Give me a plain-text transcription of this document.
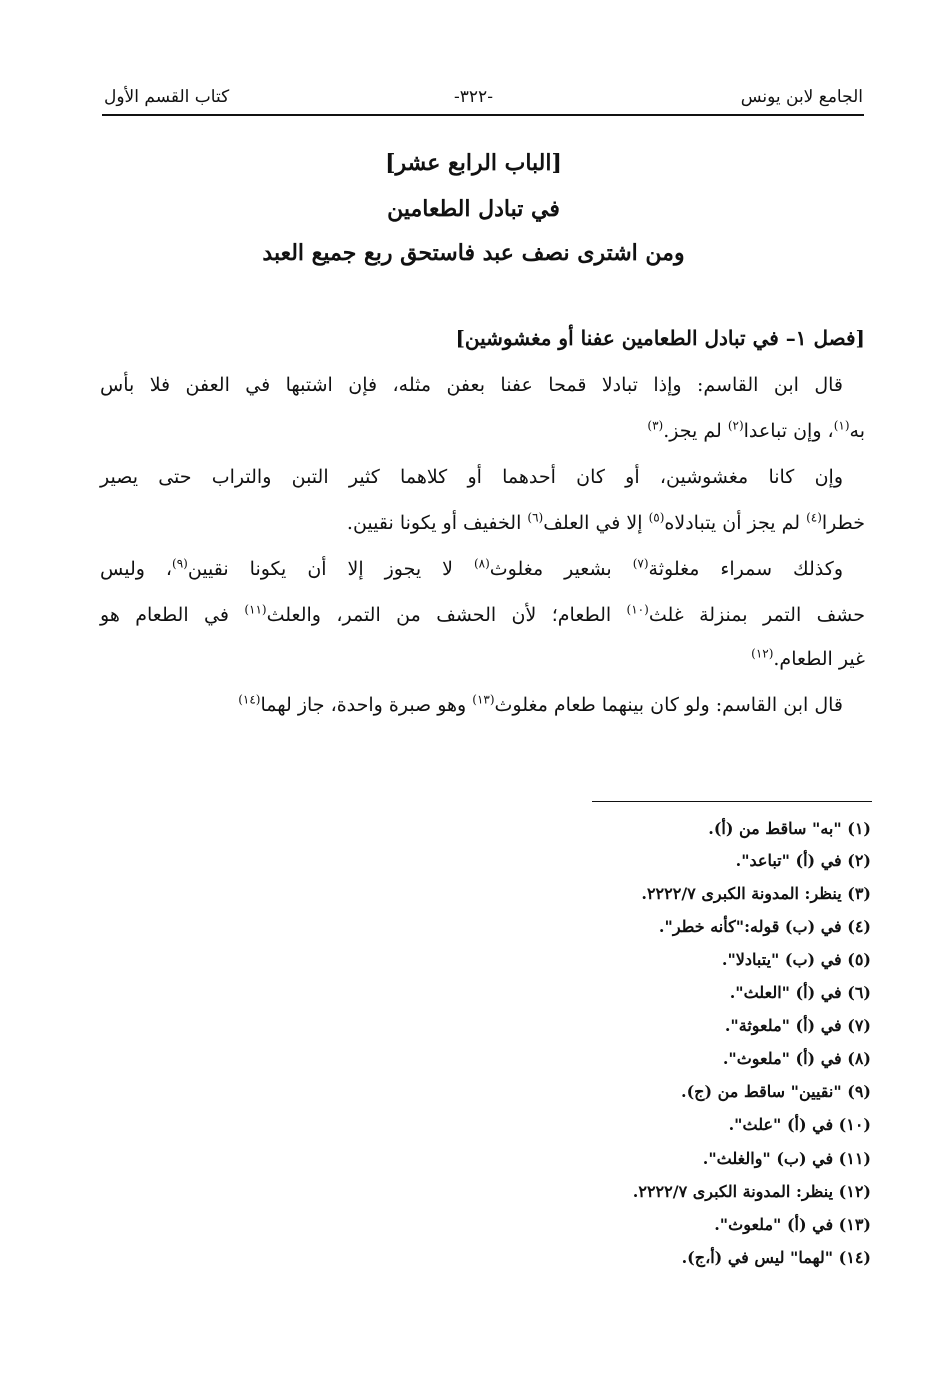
الجامع لابن يونس
-٣٢٢-
كتاب القسم الأول
[الباب الرابع عشر]
في تبادل الطعامين
ومن اشترى نصف عبد فاستحق ربع جميع العبد
[فصل ١– في تبادل الطعامين عفنا أو مغشوشين]
قال ابن القاسم: وإذا تبادلا قمحا عفنا بعفن مثله، فإن اشتبها في العفن فلا بأس
به$^{(١)}$، وإن تباعدا$^{(٢)}$ لم يجز.$^{(٣)}$
وإن كانا مغشوشين، أو كان أحدهما أو كلاهما كثير التبن والتراب حتى يصير
خطرا$^{(٤)}$ لم يجز أن يتبادلاه$^{(٥)}$ إلا في العلف$^{(٦)}$ الخفيف أو يكونا نقيين.
وكذلك سمراء مغلوثة$^{(٧)}$ بشعير مغلوث$^{(٨)}$ لا يجوز إلا أن يكونا نقيين$^{(٩)}$، وليس
حشف التمر بمنزلة غلث$^{(١٠)}$ الطعام؛ لأن الحشف من التمر، والعلث$^{(١١)}$ في الطعام هو
غير الطعام.$^{(١٢)}$
قال ابن القاسم: ولو كان بينهما طعام مغلوث$^{(١٣)}$ وهو صبرة واحدة، جاز لهما$^{(١٤)}$
(١) "به" ساقط من (أ).
(٢) في (أ) "تباعد".
(٣) ينظر: المدونة الكبرى ٢٢٢٢/٧.
(٤) في (ب) قوله:"كأنه خطر".
(٥) في (ب) "يتبادلا".
(٦) في (أ) "العلث".
(٧) في (أ) "ملعوثة".
(٨) في (أ) "ملعوث".
(٩) "نقيين" ساقط من (ج).
(١٠) في (أ) "علث".
(١١) في (ب) "والغلث".
(١٢) ينظر: المدونة الكبرى ٢٢٢٢/٧.
(١٣) في (أ) "ملعوث".
(١٤) "لهما" ليس في (أ،ج).
